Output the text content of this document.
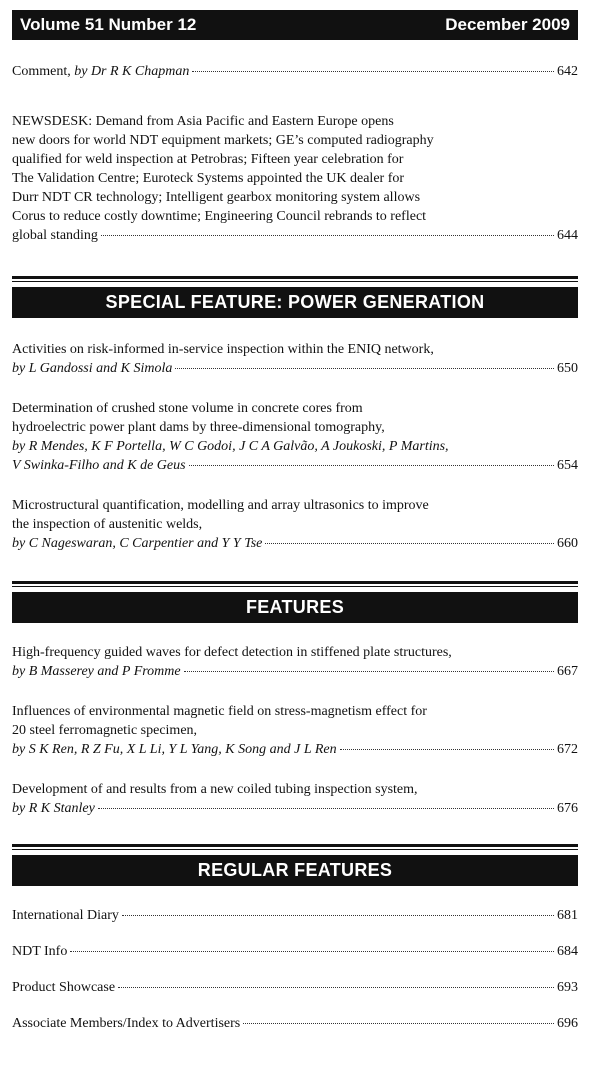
Volume 51 Number 12	December 2009
Comment, by Dr R K Chapman	642
NEWSDESK: Demand from Asia Pacific and Eastern Europe opens
new doors for world NDT equipment markets; GE’s computed radiography
qualified for weld inspection at Petrobras; Fifteen year celebration for
The Validation Centre; Euroteck Systems appointed the UK dealer for
Durr NDT CR technology; Intelligent gearbox monitoring system allows
Corus to reduce costly downtime; Engineering Council rebrands to reflect
global standing	644
SPECIAL FEATURE: POWER GENERATION
Activities on risk-informed in-service inspection within the ENIQ network,
by L Gandossi and K Simola	650
Determination of crushed stone volume in concrete cores from
hydroelectric power plant dams by three-dimensional tomography,
by R Mendes, K F Portella, W C Godoi, J C A Galvão, A Joukoski, P Martins,
V Swinka-Filho and K de Geus	654
Microstructural quantification, modelling and array ultrasonics to improve
the inspection of austenitic welds,
by C Nageswaran, C Carpentier and Y Y Tse	660
FEATURES
High-frequency guided waves for defect detection in stiffened plate structures,
by B Masserey and P Fromme	667
Influences of environmental magnetic field on stress-magnetism effect for
20 steel ferromagnetic specimen,
by S K Ren, R Z Fu, X L Li, Y L Yang, K Song and J L Ren	672
Development of and results from a new coiled tubing inspection system,
by R K Stanley	676
REGULAR FEATURES
International Diary	681
NDT Info	684
Product Showcase	693
Associate Members/Index to Advertisers	696
